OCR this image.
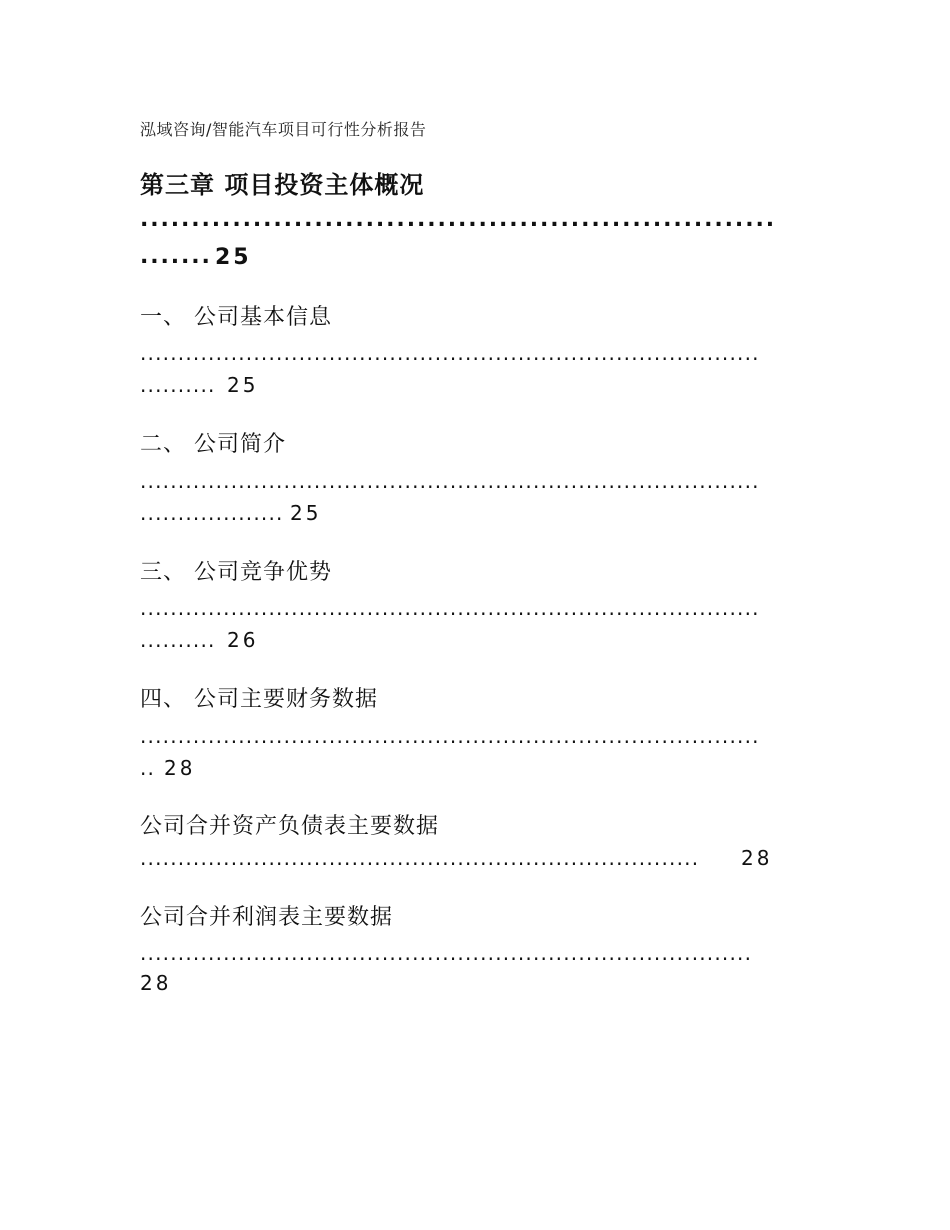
泓域咨询/智能汽车项目可行性分析报告
第三章 项目投资主体概况
..............................................................
....... 25
一、 公司基本信息
..................................................................................
.......... 25
二、 公司简介
..................................................................................
................... 25
三、 公司竞争优势
..................................................................................
.......... 26
四、 公司主要财务数据
..................................................................................
.. 28
公司合并资产负债表主要数据
..........................................................................	28
公司合并利润表主要数据
.................................................................................
28
